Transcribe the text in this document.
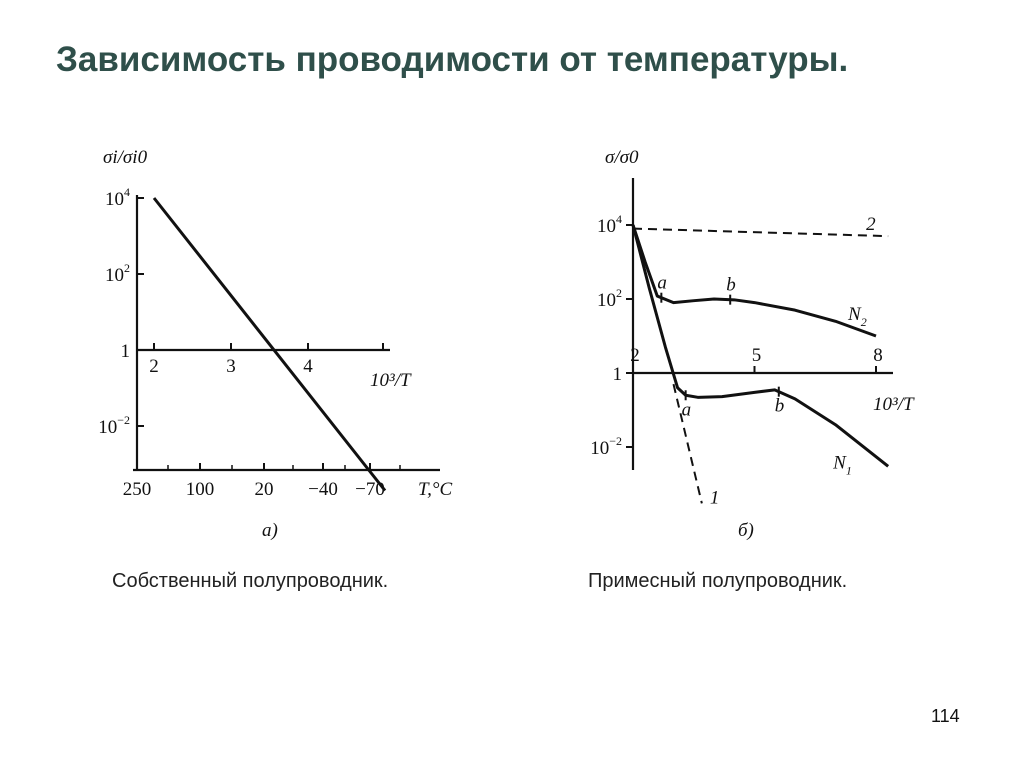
Зависимость проводимости от температуры.
$10^4$
$10^2$
1
$10^{-2}$
2	3	4
σi/σi0
10³/T
T,°C
а)
250 100 20 −40 −70
$10^4$
$10^2$
1
$10^{-2}$
2	5	8
$N_2$
$N_1$
2
1
a	b
a	b
σ/σ0
10³/T
б)
Собственный полупроводник.	Примесный полупроводник.
114
